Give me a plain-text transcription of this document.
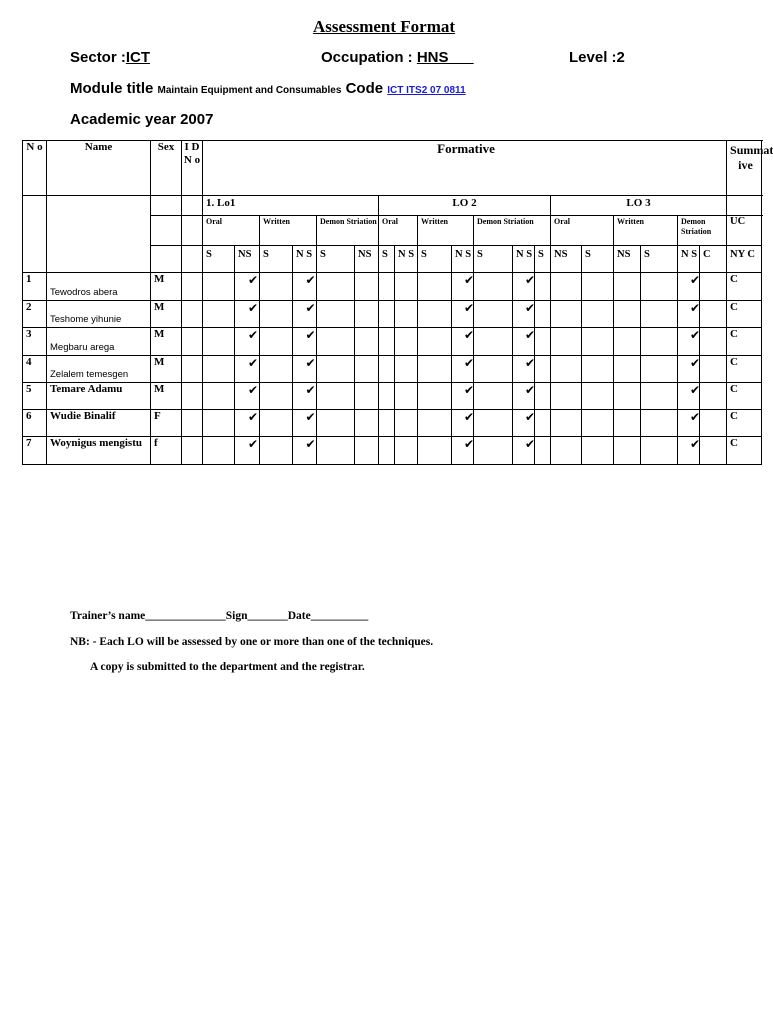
Assessment Format
Sector :ICT	Occupation : HNS___	Level :2
Module title Maintain Equipment and Consumables Code ICT ITS2 07 0811
Academic year 2007
N o	Name	Sex	I D N o	Formative																			Summat ive	
				1. Lo1						LO 2							LO 3							
				Oral		Written		Demon Striation		Oral		Written		Demon Striation			Oral		Written		Demon Striation		UC	
				S	NS	S	N S	S	NS	S	N S	S	N S	S	N S	S	NS	S	NS	S	N S	C	NY C	
1	Tewodros abera	M			✔		✔						✔		✔						✔		C	
2	Teshome yihunie	M			✔		✔						✔		✔						✔		C	
3	Megbaru arega	M			✔		✔						✔		✔						✔		C	
4	Zelalem temesgen	M			✔		✔						✔		✔						✔		C	
5	Temare Adamu	M			✔		✔						✔		✔						✔		C	
6	Wudie Binalif	F			✔		✔						✔		✔						✔		C	
7	Woynigus mengistu	f			✔		✔						✔		✔						✔		C	
Trainer’s name______________Sign_______Date__________
NB: - Each LO will be assessed by one or more than one of the techniques.
A copy is submitted to the department and the registrar.
